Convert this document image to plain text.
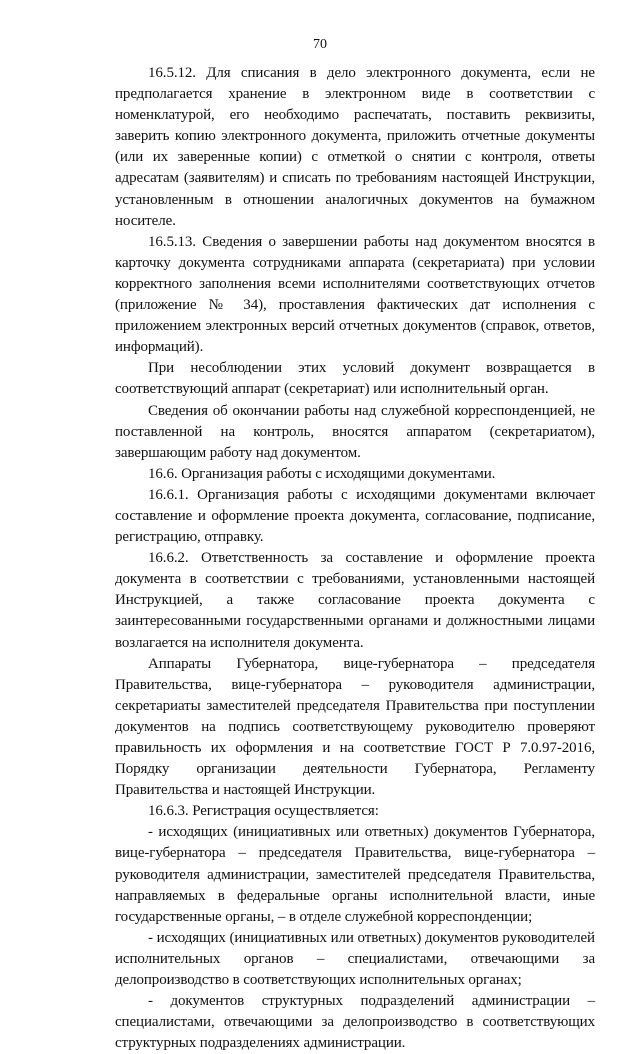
70

16.5.12. Для списания в дело электронного документа, если не предполагается хранение в электронном виде в соответствии с номенклатурой, его необходимо распечатать, поставить реквизиты, заверить копию электронного документа, приложить отчетные документы (или их заверенные копии) с отметкой о снятии с контроля, ответы адресатам (заявителям) и списать по требованиям настоящей Инструкции, установленным в отношении аналогичных документов на бумажном носителе.

16.5.13. Сведения о завершении работы над документом вносятся в карточку документа сотрудниками аппарата (секретариата) при условии корректного заполнения всеми исполнителями соответствующих отчетов (приложение № 34), проставления фактических дат исполнения с приложением электронных версий отчетных документов (справок, ответов, информаций).

При несоблюдении этих условий документ возвращается в соответствующий аппарат (секретариат) или исполнительный орган.

Сведения об окончании работы над служебной корреспонденцией, не поставленной на контроль, вносятся аппаратом (секретариатом), завершающим работу над документом.

16.6. Организация работы с исходящими документами.

16.6.1. Организация работы с исходящими документами включает составление и оформление проекта документа, согласование, подписание, регистрацию, отправку.

16.6.2. Ответственность за составление и оформление проекта документа в соответствии с требованиями, установленными настоящей Инструкцией, а также согласование проекта документа с заинтересованными государственными органами и должностными лицами возлагается на исполнителя документа.

Аппараты Губернатора, вице-губернатора – председателя Правительства, вице-губернатора – руководителя администрации, секретариаты заместителей председателя Правительства при поступлении документов на подпись соответствующему руководителю проверяют правильность их оформления и на соответствие ГОСТ Р 7.0.97-2016, Порядку организации деятельности Губернатора, Регламенту Правительства и настоящей Инструкции.

16.6.3. Регистрация осуществляется:

- исходящих (инициативных или ответных) документов Губернатора, вице-губернатора – председателя Правительства, вице-губернатора – руководителя администрации, заместителей председателя Правительства, направляемых в федеральные органы исполнительной власти, иные государственные органы, – в отделе служебной корреспонденции;

- исходящих (инициативных или ответных) документов руководителей исполнительных органов – специалистами, отвечающими за делопроизводство в соответствующих исполнительных органах;

- документов структурных подразделений администрации – специалистами, отвечающими за делопроизводство в соответствующих структурных подразделениях администрации.
